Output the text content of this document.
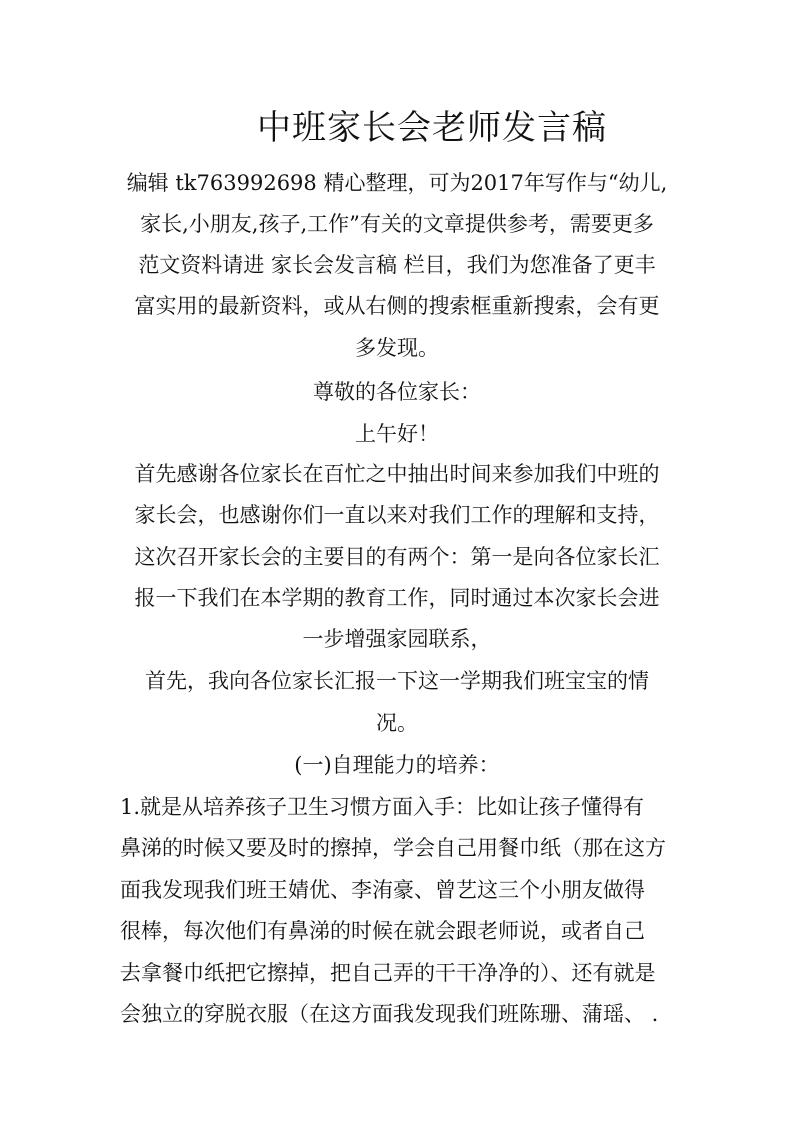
中班家长会老师发言稿
编辑 tk763992698 精心整理，可为2017年写作与“幼儿,
家长,小朋友,孩子,工作”有关的文章提供参考，需要更多
范文资料请进 家长会发言稿 栏目，我们为您准备了更丰
富实用的最新资料，或从右侧的搜索框重新搜索，会有更
多发现。
尊敬的各位家长：
上午好！
首先感谢各位家长在百忙之中抽出时间来参加我们中班的
家长会，也感谢你们一直以来对我们工作的理解和支持，
这次召开家长会的主要目的有两个：第一是向各位家长汇
报一下我们在本学期的教育工作，同时通过本次家长会进
一步增强家园联系，
首先，我向各位家长汇报一下这一学期我们班宝宝的情
况。
(一)自理能力的培养：
1.就是从培养孩子卫生习惯方面入手：比如让孩子懂得有
鼻涕的时候又要及时的擦掉，学会自己用餐巾纸（那在这方
面我发现我们班王婧优、李洧豪、曾艺这三个小朋友做得
很棒，每次他们有鼻涕的时候在就会跟老师说，或者自己
去拿餐巾纸把它擦掉，把自己弄的干干净净的）、还有就是
会独立的穿脱衣服（在这方面我发现我们班陈珊、蒲瑶、 .
